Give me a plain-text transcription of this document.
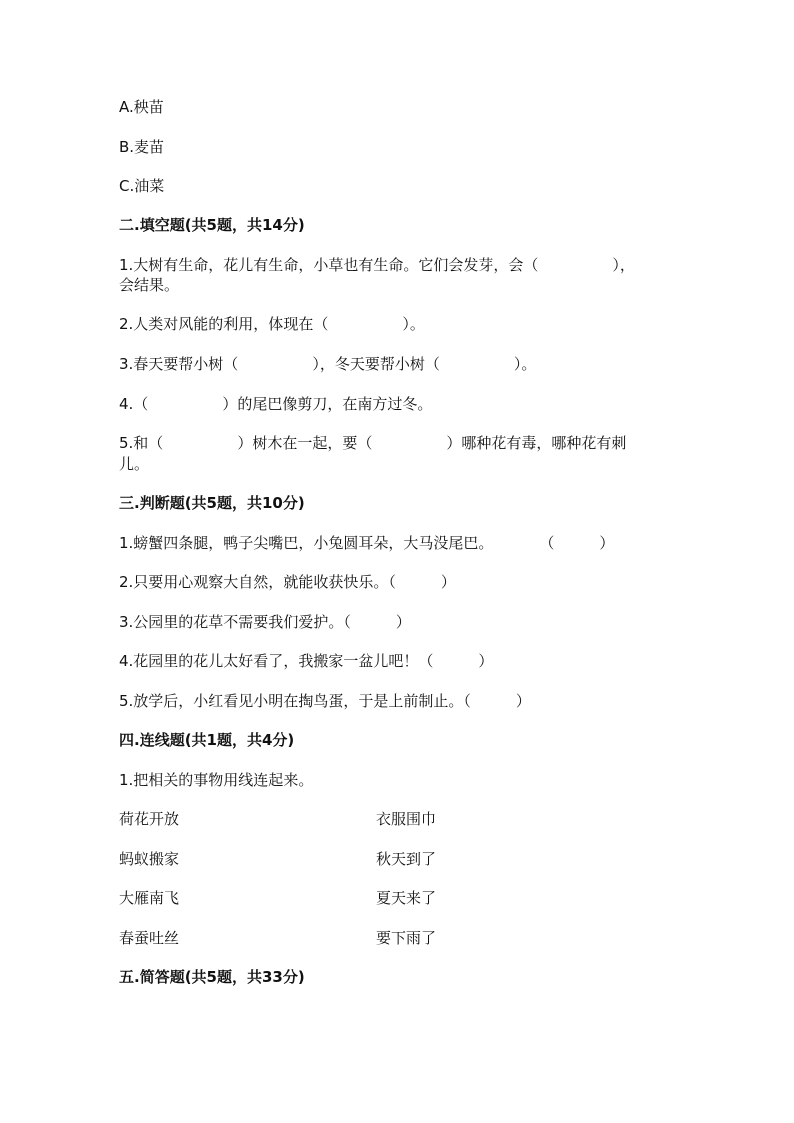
A.秧苗
B.麦苗
C.油菜
二.填空题(共5题，共14分)
1.大树有生命，花儿有生命，小草也有生命。它们会发芽，会（	），
会结果。
2.人类对风能的利用，体现在（	）。
3.春天要帮小树（	），冬天要帮小树（	）。
4.（	）的尾巴像剪刀，在南方过冬。
5.和（	）树木在一起，要（	）哪种花有毒，哪种花有刺
儿。
三.判断题(共5题，共10分)
1.螃蟹四条腿，鸭子尖嘴巴，小兔圆耳朵，大马没尾巴。	（　　　）
2.只要用心观察大自然，就能收获快乐。（　　　）
3.公园里的花草不需要我们爱护。（　　　）
4.花园里的花儿太好看了，我搬家一盆儿吧！（　　　）
5.放学后，小红看见小明在掏鸟蛋，于是上前制止。（　　　）
四.连线题(共1题，共4分)
1.把相关的事物用线连起来。
荷花开放	衣服围巾
蚂蚁搬家	秋天到了
大雁南飞	夏天来了
春蚕吐丝	要下雨了
五.简答题(共5题，共33分)
